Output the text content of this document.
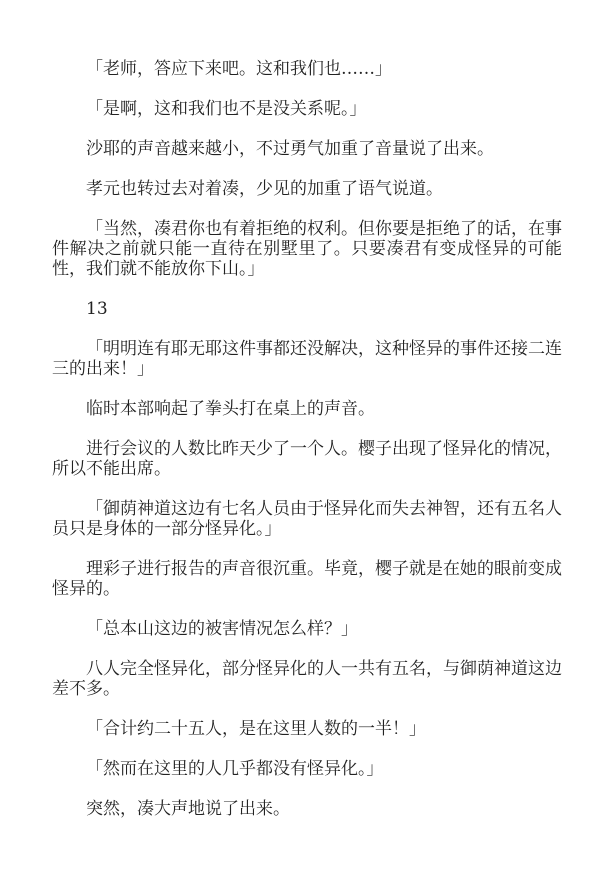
「老师，答应下来吧。这和我们也……」

「是啊，这和我们也不是没关系呢。」

沙耶的声音越来越小，不过勇气加重了音量说了出来。

孝元也转过去对着凑，少见的加重了语气说道。

「当然，凑君你也有着拒绝的权利。但你要是拒绝了的话，在事件解决之前就只能一直待在别墅里了。只要凑君有变成怪异的可能性，我们就不能放你下山。」

13

「明明连有耶无耶这件事都还没解决，这种怪异的事件还接二连三的出来！」

临时本部响起了拳头打在桌上的声音。

进行会议的人数比昨天少了一个人。樱子出现了怪异化的情况，所以不能出席。

「御荫神道这边有七名人员由于怪异化而失去神智，还有五名人员只是身体的一部分怪异化。」

理彩子进行报告的声音很沉重。毕竟，樱子就是在她的眼前变成怪异的。

「总本山这边的被害情况怎么样？」

八人完全怪异化，部分怪异化的人一共有五名，与御荫神道这边差不多。

「合计约二十五人，是在这里人数的一半！」

「然而在这里的人几乎都没有怪异化。」

突然，凑大声地说了出来。
